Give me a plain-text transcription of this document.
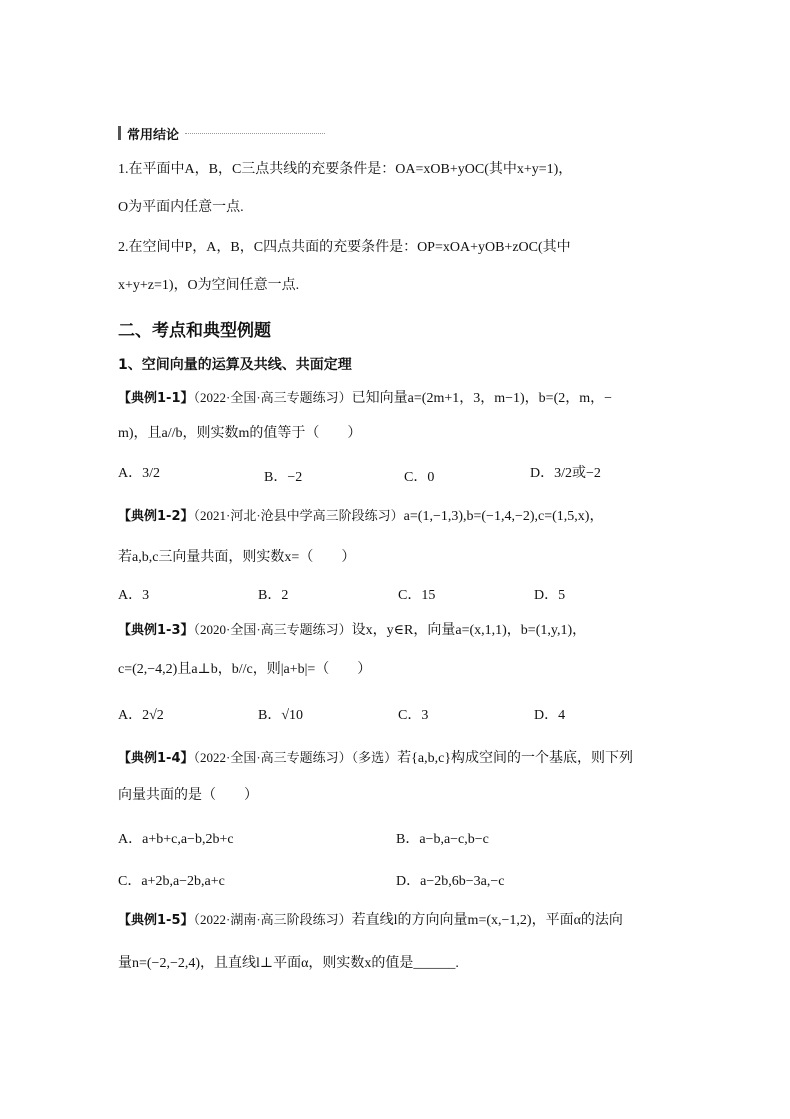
常用结论
1.在平面中A，B，C三点共线的充要条件是：OA=xOB+yOC(其中x+y=1)，
O为平面内任意一点.
2.在空间中P，A，B，C四点共面的充要条件是：OP=xOA+yOB+zOC(其中
x+y+z=1)，O为空间任意一点.
二、考点和典型例题
1、空间向量的运算及共线、共面定理
【典例1-1】（2022·全国·高三专题练习）已知向量a=(2m+1，3，m−1)，b=(2，m，−
m)，且a//b，则实数m的值等于（　　）
A．3/2	B．−2	C．0	D．3/2或−2
【典例1-2】（2021·河北·沧县中学高三阶段练习）a=(1,−1,3),b=(−1,4,−2),c=(1,5,x)，
若a,b,c三向量共面，则实数x=（　　）
A．3	B．2	C．15	D．5
【典例1-3】（2020·全国·高三专题练习）设x，y∈R，向量a=(x,1,1)，b=(1,y,1)，
c=(2,−4,2)且a⊥b，b//c，则|a+b|=（　　）
A．2√2	B．√10	C．3	D．4
【典例1-4】（2022·全国·高三专题练习）（多选）若{a,b,c}构成空间的一个基底，则下列
向量共面的是（　　）
A．a+b+c,a−b,2b+c	B．a−b,a−c,b−c
C．a+2b,a−2b,a+c	D．a−2b,6b−3a,−c
【典例1-5】（2022·湖南·高三阶段练习）若直线l的方向向量m=(x,−1,2)，平面α的法向
量n=(−2,−2,4)，且直线l⊥平面α，则实数x的值是______.
